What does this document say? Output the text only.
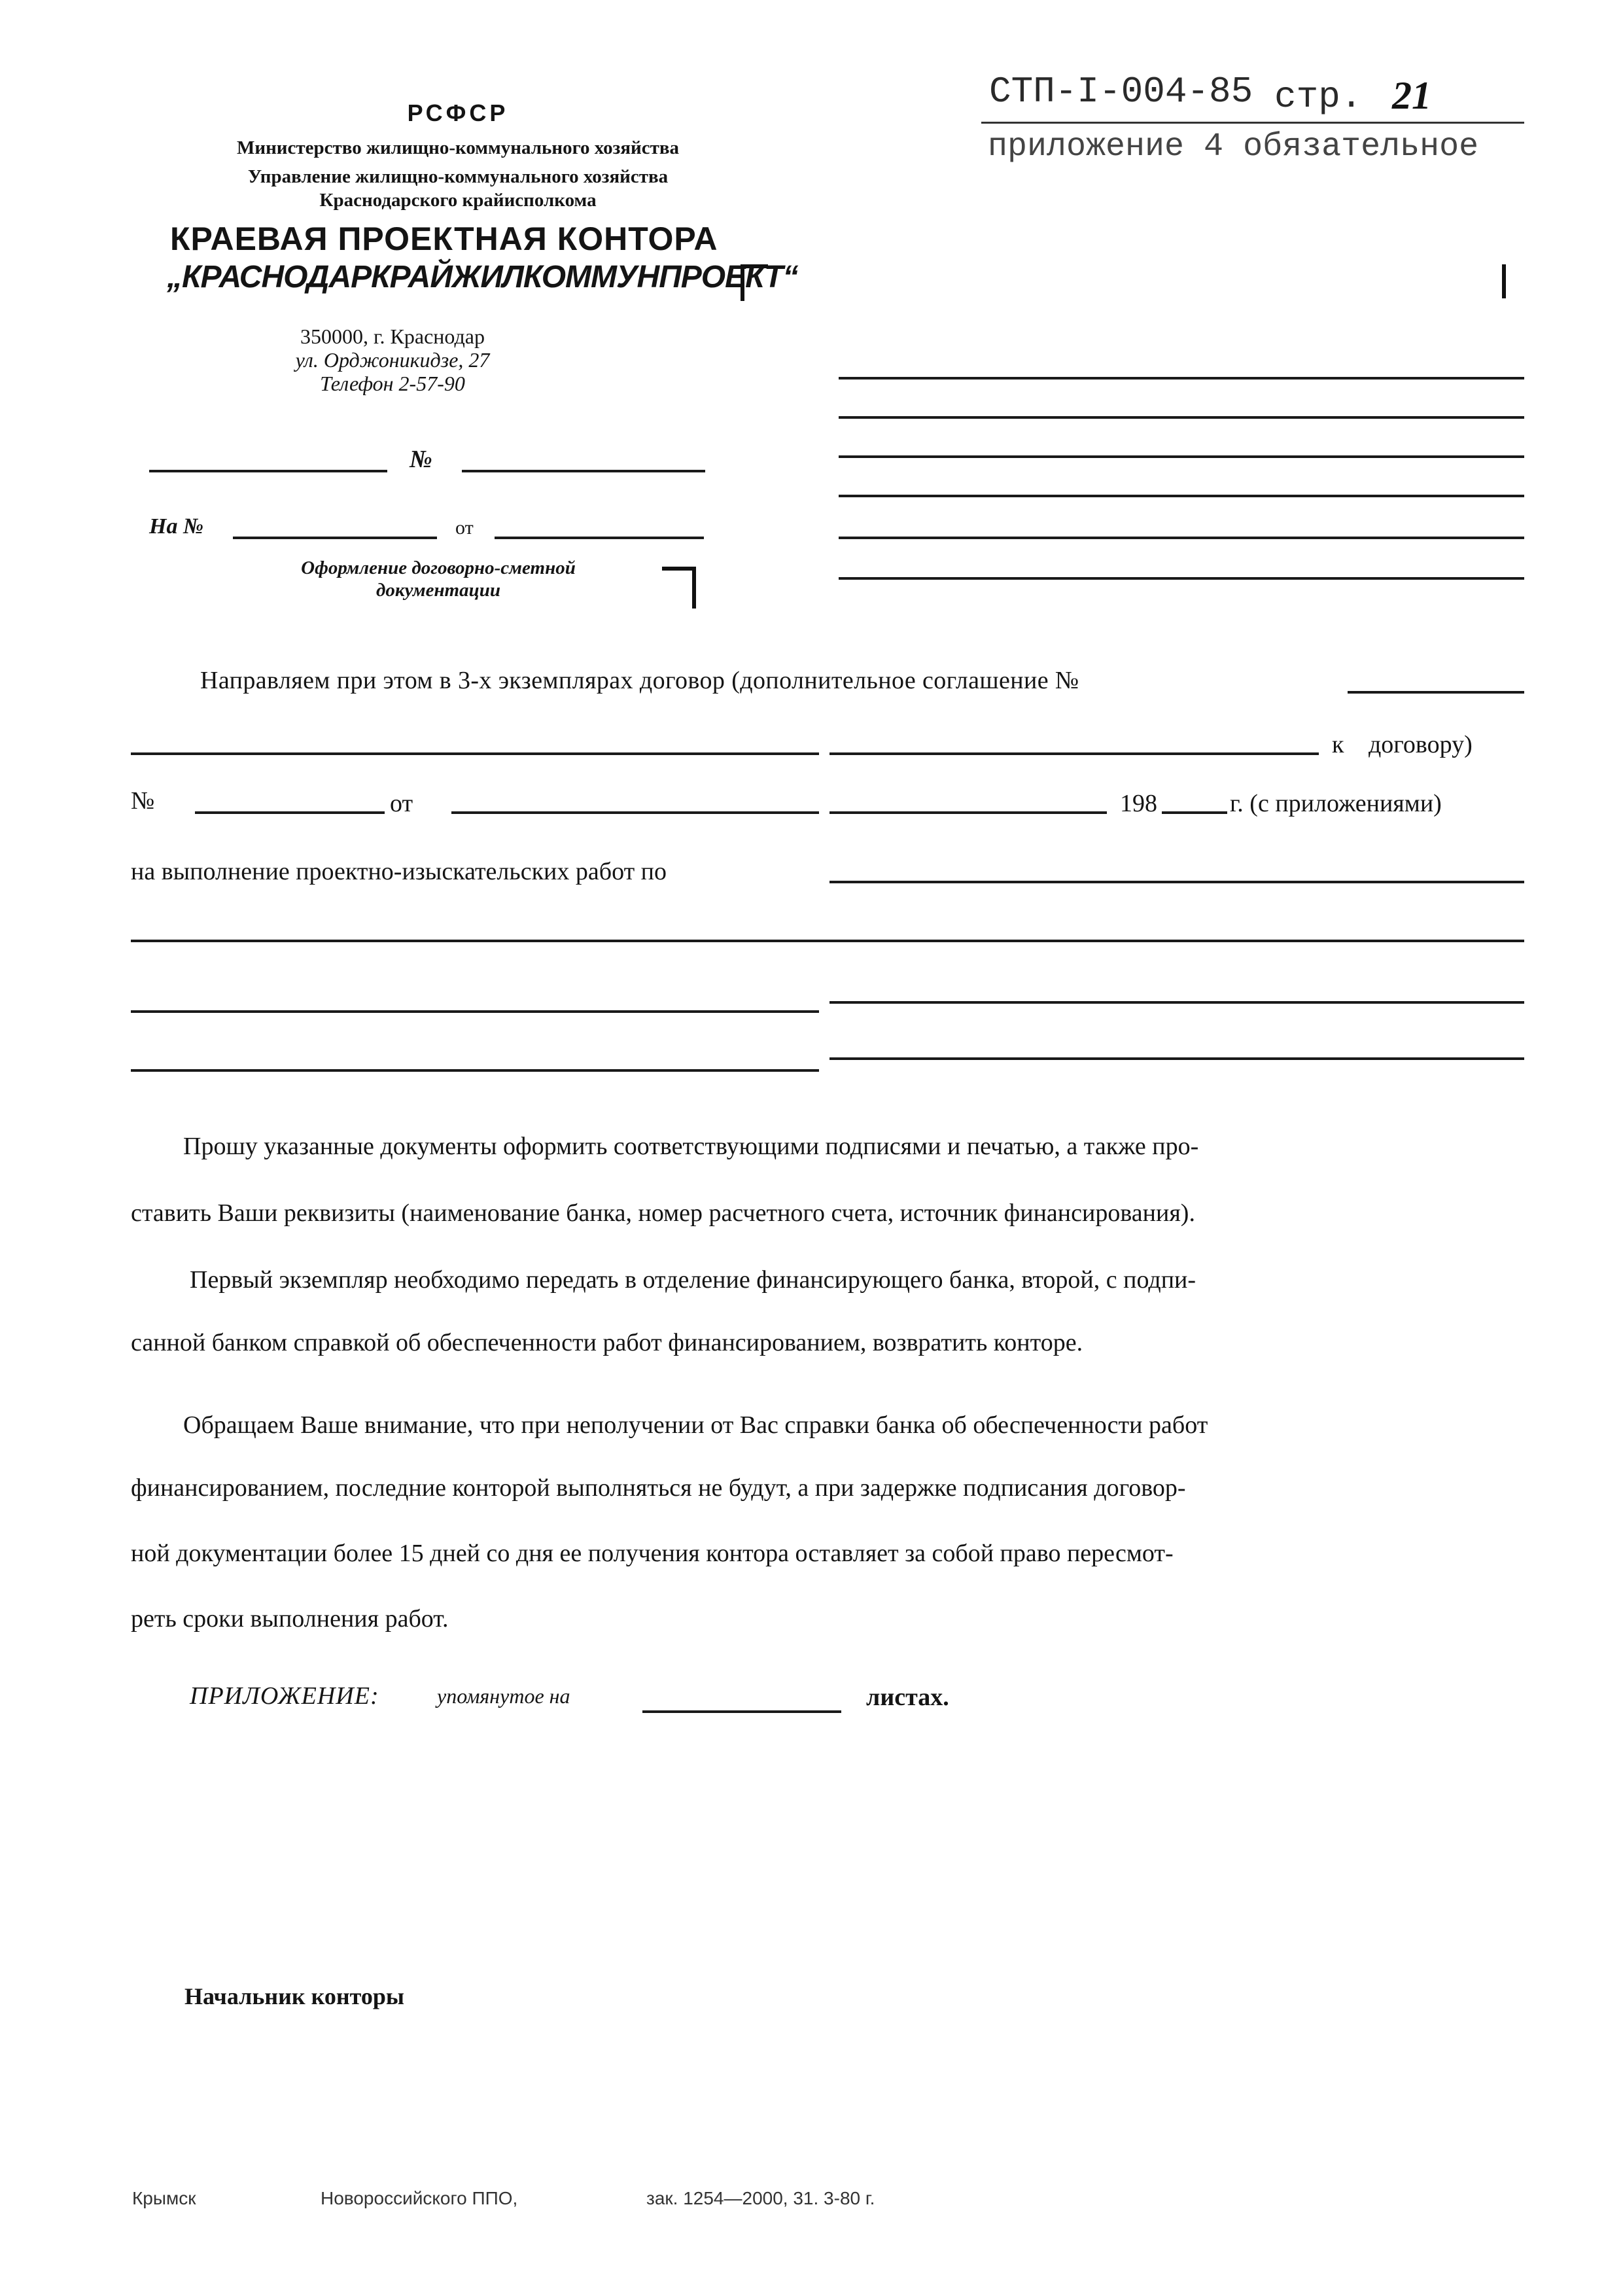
СТП-I-004-85 стр. 21
приложение 4 обязательное
РСФСР
Министерство жилищно-коммунального хозяйства
Управление жилищно-коммунального хозяйства
Краснодарского крайисполкома
КРАЕВАЯ ПРОЕКТНАЯ КОНТОРА
„КРАСНОДАРКРАЙЖИЛКОММУНПРОЕКТ“
350000, г. Краснодар
ул. Орджоникидзе, 27
Телефон 2-57-90
№
На №	от
Оформление договорно-сметной
документации
Направляем при этом в 3-х экземплярах договор (дополнительное соглашение №
к договору)
№	от	198	г. (с приложениями)
на выполнение проектно-изыскательских работ по
Прошу указанные документы оформить соответствующими подписями и печатью, а также про-
ставить Ваши реквизиты (наименование банка, номер расчетного счета, источник финансирования).
Первый экземпляр необходимо передать в отделение финансирующего банка, второй, с подпи-
санной банком справкой об обеспеченности работ финансированием, возвратить конторе.
Обращаем Ваше внимание, что при неполучении от Вас справки банка об обеспеченности работ
финансированием, последние конторой выполняться не будут, а при задержке подписания договор-
ной документации более 15 дней со дня ее получения контора оставляет за собой право пересмот-
реть сроки выполнения работ.
ПРИЛОЖЕНИЕ:	упомянутое на	листах.
Начальник конторы
Крымск	Новороссийского ППО,	зак. 1254—2000, 31. 3-80 г.
